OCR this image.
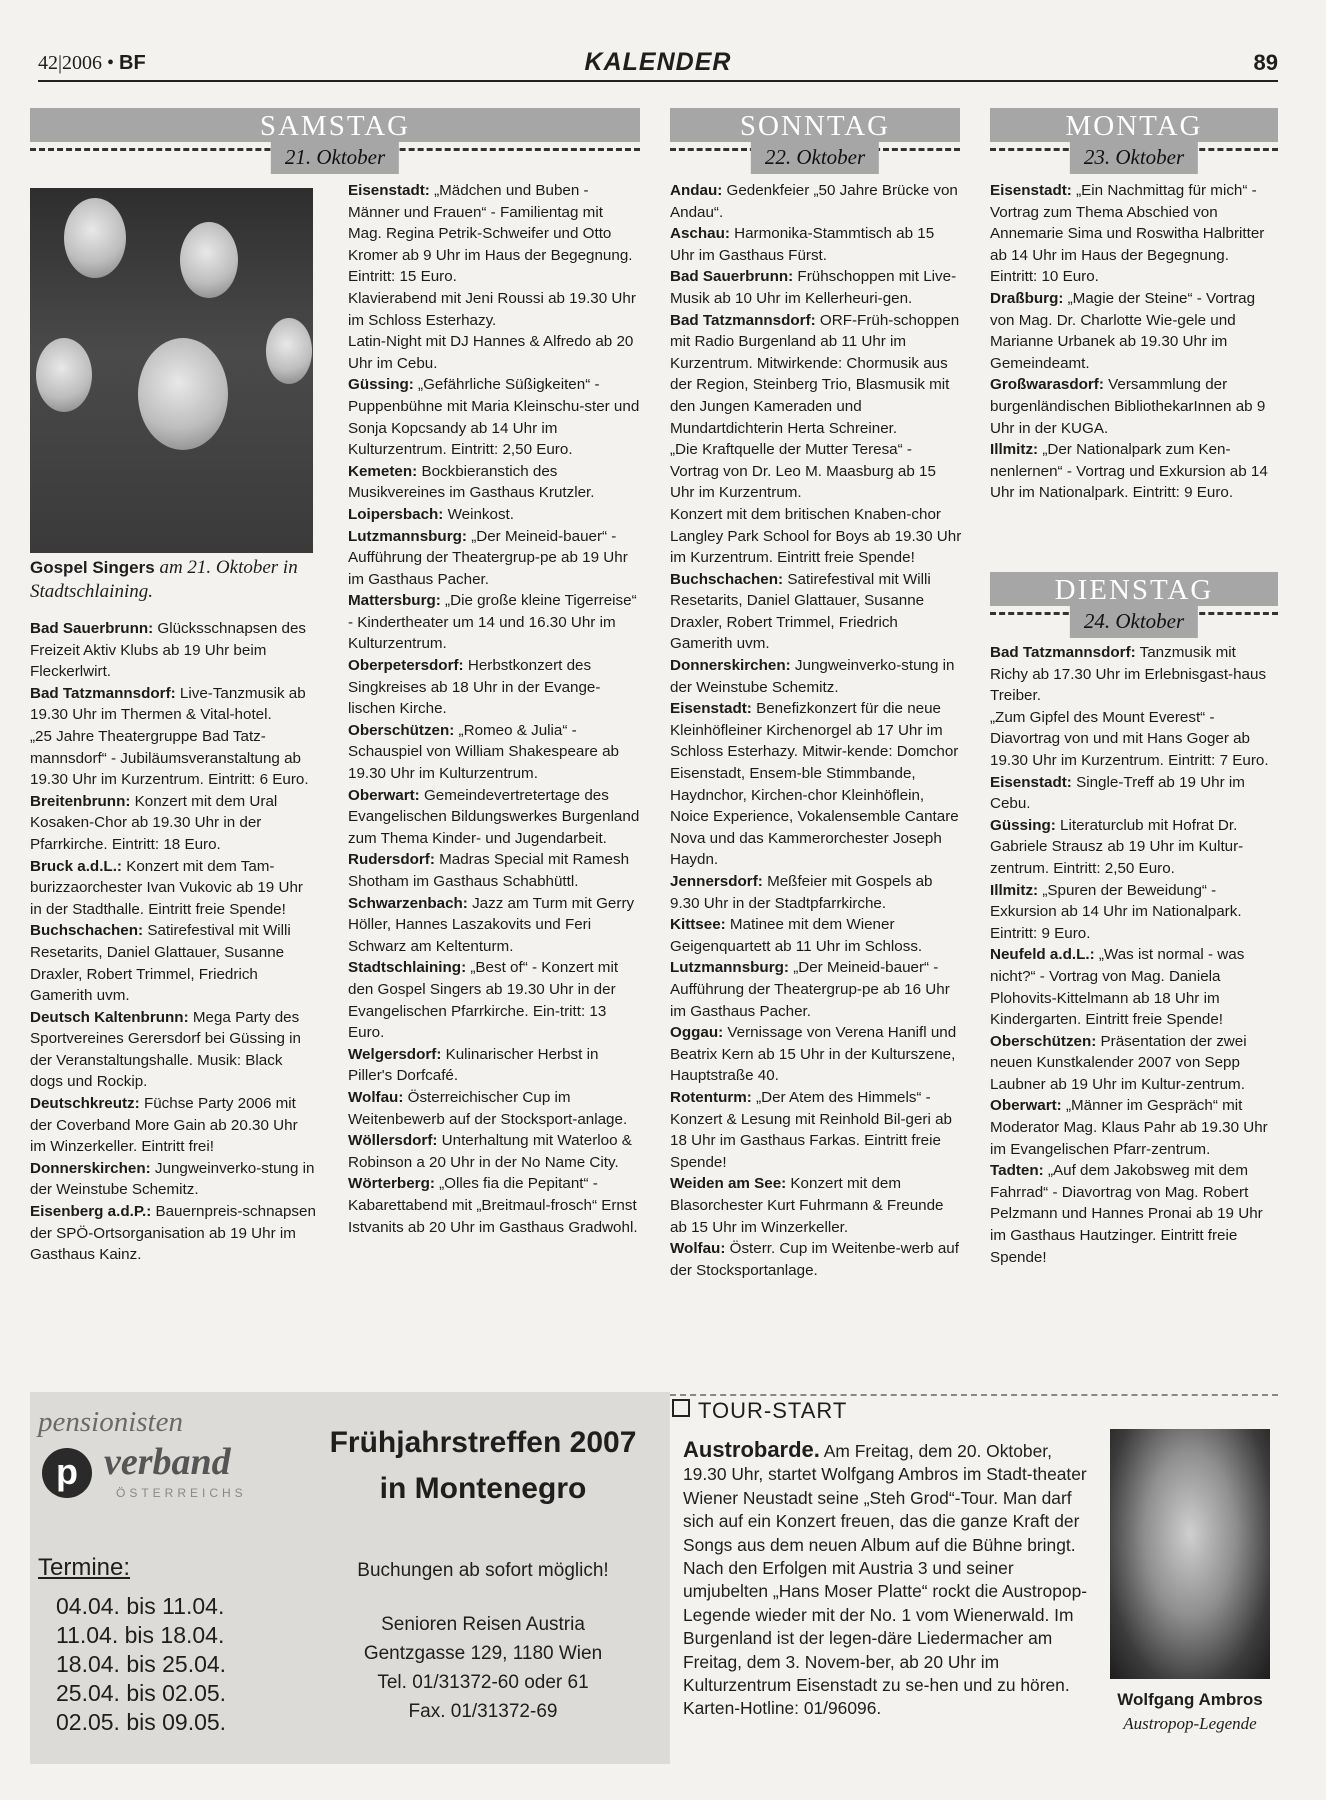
42|2006 • BF	KALENDER	89
SAMSTAG
21. Oktober
SONNTAG
22. Oktober
MONTAG
23. Oktober
DIENSTAG
24. Oktober
Gospel Singers am 21. Oktober in Stadtschlaining.

Bad Sauerbrunn: Glücksschnapsen des Freizeit Aktiv Klubs ab 19 Uhr beim Fleckerlwirt.

Bad Tatzmannsdorf: Live-Tanzmusik ab 19.30 Uhr im Thermen & Vital-hotel.

„25 Jahre Theatergruppe Bad Tatz-mannsdorf“ - Jubiläumsveranstaltung ab 19.30 Uhr im Kurzentrum. Eintritt: 6 Euro.

Breitenbrunn: Konzert mit dem Ural Kosaken-Chor ab 19.30 Uhr in der Pfarrkirche. Eintritt: 18 Euro.

Bruck a.d.L.: Konzert mit dem Tam-burizzaorchester Ivan Vukovic ab 19 Uhr in der Stadthalle. Eintritt freie Spende!

Buchschachen: Satirefestival mit Willi Resetarits, Daniel Glattauer, Susanne Draxler, Robert Trimmel, Friedrich Gamerith uvm.

Deutsch Kaltenbrunn: Mega Party des Sportvereines Gerersdorf bei Güssing in der Veranstaltungshalle. Musik: Black dogs und Rockip.

Deutschkreutz: Füchse Party 2006 mit der Coverband More Gain ab 20.30 Uhr im Winzerkeller. Eintritt frei!

Donnerskirchen: Jungweinverko-stung in der Weinstube Schemitz.

Eisenberg a.d.P.: Bauernpreis-schnapsen der SPÖ-Ortsorganisation ab 19 Uhr im Gasthaus Kainz.

Eisenstadt: „Mädchen und Buben - Männer und Frauen“ - Familientag mit Mag. Regina Petrik-Schweifer und Otto Kromer ab 9 Uhr im Haus der Begegnung. Eintritt: 15 Euro.

Klavierabend mit Jeni Roussi ab 19.30 Uhr im Schloss Esterhazy.

Latin-Night mit DJ Hannes & Alfredo ab 20 Uhr im Cebu.

Güssing: „Gefährliche Süßigkeiten“ - Puppenbühne mit Maria Kleinschu-ster und Sonja Kopcsandy ab 14 Uhr im Kulturzentrum. Eintritt: 2,50 Euro.

Kemeten: Bockbieranstich des Musikvereines im Gasthaus Krutzler.

Loipersbach: Weinkost.

Lutzmannsburg: „Der Meineid-bauer“ - Aufführung der Theatergrup-pe ab 19 Uhr im Gasthaus Pacher.

Mattersburg: „Die große kleine Tigerreise“ - Kindertheater um 14 und 16.30 Uhr im Kulturzentrum.

Oberpetersdorf: Herbstkonzert des Singkreises ab 18 Uhr in der Evange-lischen Kirche.

Oberschützen: „Romeo & Julia“ - Schauspiel von William Shakespeare ab 19.30 Uhr im Kulturzentrum.

Oberwart: Gemeindevertretertage des Evangelischen Bildungswerkes Burgenland zum Thema Kinder- und Jugendarbeit.

Rudersdorf: Madras Special mit Ramesh Shotham im Gasthaus Schabhüttl.

Schwarzenbach: Jazz am Turm mit Gerry Höller, Hannes Laszakovits und Feri Schwarz am Keltenturm.

Stadtschlaining: „Best of“ - Konzert mit den Gospel Singers ab 19.30 Uhr in der Evangelischen Pfarrkirche. Ein-tritt: 13 Euro.

Welgersdorf: Kulinarischer Herbst in Piller's Dorfcafé.

Wolfau: Österreichischer Cup im Weitenbewerb auf der Stocksport-anlage.

Wöllersdorf: Unterhaltung mit Waterloo & Robinson a 20 Uhr in der No Name City.

Wörterberg: „Olles fia die Pepitant“ - Kabarettabend mit „Breitmaul-frosch“ Ernst Istvanits ab 20 Uhr im Gasthaus Gradwohl.

Andau: Gedenkfeier „50 Jahre Brücke von Andau“.

Aschau: Harmonika-Stammtisch ab 15 Uhr im Gasthaus Fürst.

Bad Sauerbrunn: Frühschoppen mit Live-Musik ab 10 Uhr im Kellerheuri-gen.

Bad Tatzmannsdorf: ORF-Früh-schoppen mit Radio Burgenland ab 11 Uhr im Kurzentrum. Mitwirkende: Chormusik aus der Region, Steinberg Trio, Blasmusik mit den Jungen Kameraden und Mundartdichterin Herta Schreiner.

„Die Kraftquelle der Mutter Teresa“ - Vortrag von Dr. Leo M. Maasburg ab 15 Uhr im Kurzentrum.

Konzert mit dem britischen Knaben-chor Langley Park School for Boys ab 19.30 Uhr im Kurzentrum. Eintritt freie Spende!

Buchschachen: Satirefestival mit Willi Resetarits, Daniel Glattauer, Susanne Draxler, Robert Trimmel, Friedrich Gamerith uvm.

Donnerskirchen: Jungweinverko-stung in der Weinstube Schemitz.

Eisenstadt: Benefizkonzert für die neue Kleinhöfleiner Kirchenorgel ab 17 Uhr im Schloss Esterhazy. Mitwir-kende: Domchor Eisenstadt, Ensem-ble Stimmbande, Haydnchor, Kirchen-chor Kleinhöflein, Noice Experience, Vokalensemble Cantare Nova und das Kammerorchester Joseph Haydn.

Jennersdorf: Meßfeier mit Gospels ab 9.30 Uhr in der Stadtpfarrkirche.

Kittsee: Matinee mit dem Wiener Geigenquartett ab 11 Uhr im Schloss.

Lutzmannsburg: „Der Meineid-bauer“ - Aufführung der Theatergrup-pe ab 16 Uhr im Gasthaus Pacher.

Oggau: Vernissage von Verena Hanifl und Beatrix Kern ab 15 Uhr in der Kulturszene, Hauptstraße 40.

Rotenturm: „Der Atem des Himmels“ - Konzert & Lesung mit Reinhold Bil-geri ab 18 Uhr im Gasthaus Farkas. Eintritt freie Spende!

Weiden am See: Konzert mit dem Blasorchester Kurt Fuhrmann & Freunde ab 15 Uhr im Winzerkeller.

Wolfau: Österr. Cup im Weitenbe-werb auf der Stocksportanlage.

Eisenstadt: „Ein Nachmittag für mich“ - Vortrag zum Thema Abschied von Annemarie Sima und Roswitha Halbritter ab 14 Uhr im Haus der Begegnung. Eintritt: 10 Euro.

Draßburg: „Magie der Steine“ - Vortrag von Mag. Dr. Charlotte Wie-gele und Marianne Urbanek ab 19.30 Uhr im Gemeindeamt.

Großwarasdorf: Versammlung der burgenländischen BibliothekarInnen ab 9 Uhr in der KUGA.

Illmitz: „Der Nationalpark zum Ken-nenlernen“ - Vortrag und Exkursion ab 14 Uhr im Nationalpark. Eintritt: 9 Euro.

Bad Tatzmannsdorf: Tanzmusik mit Richy ab 17.30 Uhr im Erlebnisgast-haus Treiber.

„Zum Gipfel des Mount Everest“ - Diavortrag von und mit Hans Goger ab 19.30 Uhr im Kurzentrum. Eintritt: 7 Euro.

Eisenstadt: Single-Treff ab 19 Uhr im Cebu.

Güssing: Literaturclub mit Hofrat Dr. Gabriele Strausz ab 19 Uhr im Kultur-zentrum. Eintritt: 2,50 Euro.

Illmitz: „Spuren der Beweidung“ - Exkursion ab 14 Uhr im Nationalpark. Eintritt: 9 Euro.

Neufeld a.d.L.: „Was ist normal - was nicht?“ - Vortrag von Mag. Daniela Plohovits-Kittelmann ab 18 Uhr im Kindergarten. Eintritt freie Spende!

Oberschützen: Präsentation der zwei neuen Kunstkalender 2007 von Sepp Laubner ab 19 Uhr im Kultur-zentrum.

Oberwart: „Männer im Gespräch“ mit Moderator Mag. Klaus Pahr ab 19.30 Uhr im Evangelischen Pfarr-zentrum.

Tadten: „Auf dem Jakobsweg mit dem Fahrrad“ - Diavortrag von Mag. Robert Pelzmann und Hannes Pronai ab 19 Uhr im Gasthaus Hautzinger. Eintritt freie Spende!

pensionisten
p verband
ÖSTERREICHS
Frühjahrstreffen 2007
in Montenegro
Termine:
04.04. bis 11.04.
11.04. bis 18.04.
18.04. bis 25.04.
25.04. bis 02.05.
02.05. bis 09.05.
Buchungen ab sofort möglich!
Senioren Reisen Austria
Gentzgasse 129, 1180 Wien
Tel. 01/31372-60 oder 61
Fax. 01/31372-69
TOUR-START
Austrobarde. Am Freitag, dem 20. Oktober, 19.30 Uhr, startet Wolfgang Ambros im Stadt-theater Wiener Neustadt seine „Steh Grod“-Tour. Man darf sich auf ein Konzert freuen, das die ganze Kraft der Songs aus dem neuen Album auf die Bühne bringt. Nach den Erfolgen mit Austria 3 und seiner umjubelten „Hans Moser Platte“ rockt die Austropop-Legende wieder mit der No. 1 vom Wienerwald. Im Burgenland ist der legen-däre Liedermacher am Freitag, dem 3. Novem-ber, ab 20 Uhr im Kulturzentrum Eisenstadt zu se-hen und zu hören. Karten-Hotline: 01/96096.	Wolfgang Ambros
Austropop-Legende
